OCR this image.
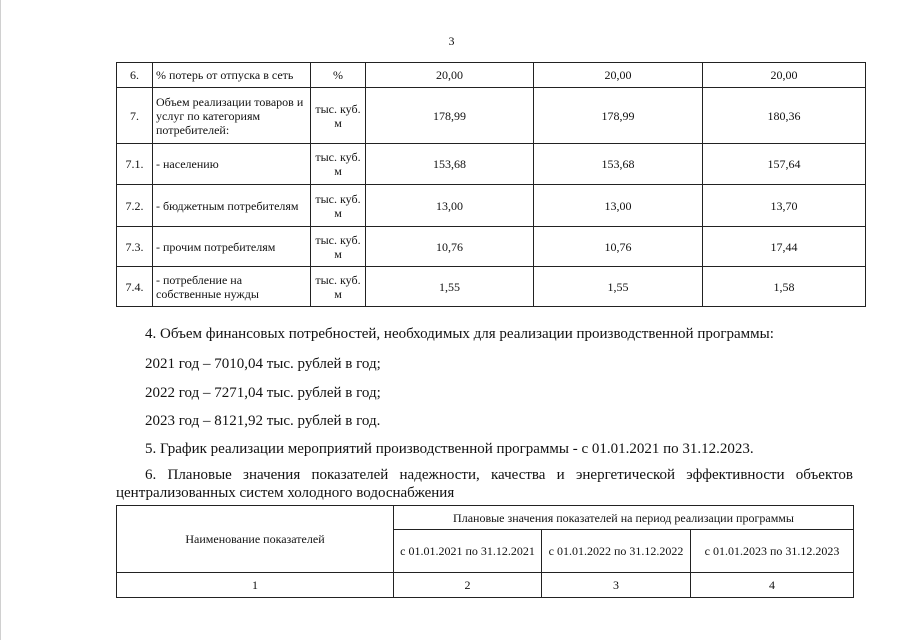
3
6.	% потерь от отпуска в сеть	%	20,00	20,00	20,00
7.	Объем реализации товаров и услуг по категориям потребителей:	тыс. куб. м	178,99	178,99	180,36
7.1.	- населению	тыс. куб. м	153,68	153,68	157,64
7.2.	- бюджетным потребителям	тыс. куб. м	13,00	13,00	13,70
7.3.	- прочим потребителям	тыс. куб. м	10,76	10,76	17,44
7.4.	- потребление на собственные нужды	тыс. куб. м	1,55	1,55	1,58
4. Объем финансовых потребностей, необходимых для реализации производственной программы:
2021 год – 7010,04 тыс. рублей в год;
2022 год – 7271,04 тыс. рублей в год;
2023 год – 8121,92 тыс. рублей в год.
5. График реализации мероприятий производственной программы - с 01.01.2021 по 31.12.2023.
6. Плановые значения показателей надежности, качества и энергетической эффективности объектов
централизованных систем холодного водоснабжения
Наименование показателей	Плановые значения показателей на период реализации программы		
	с 01.01.2021 по 31.12.2021	с 01.01.2022 по 31.12.2022	с 01.01.2023 по 31.12.2023
1	2	3	4
